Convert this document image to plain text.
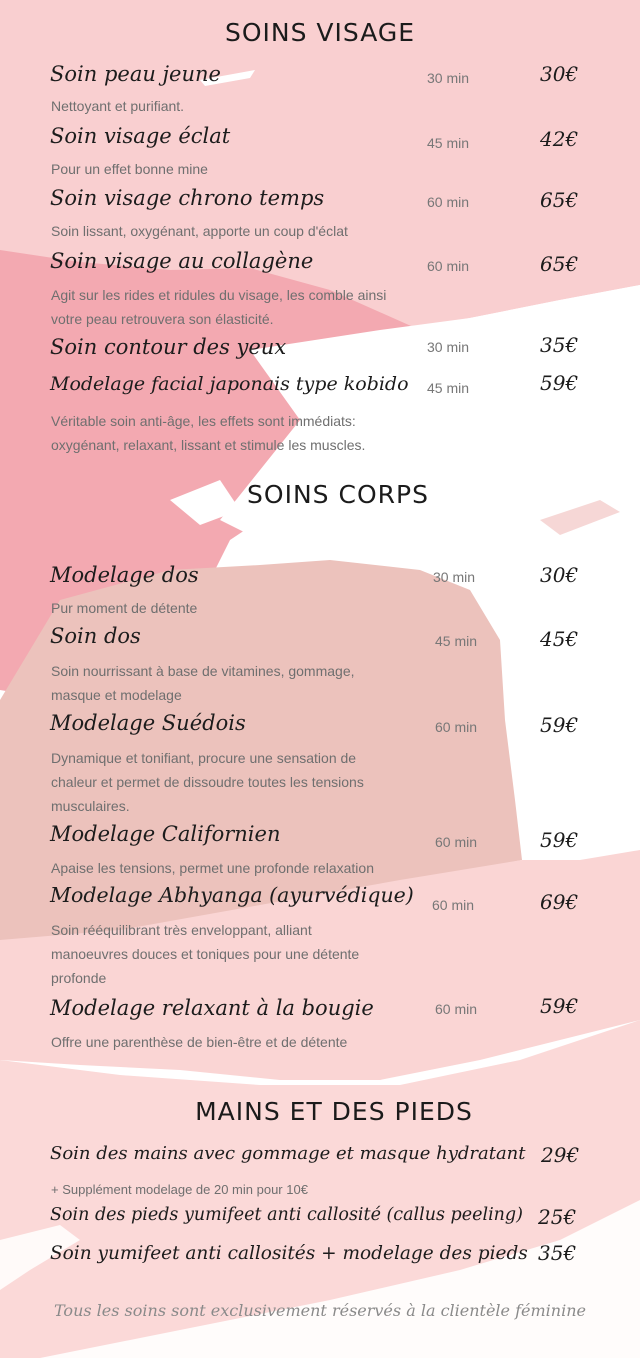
SOINS VISAGE
Soin peau jeune	30 min	30€
Nettoyant et purifiant.
Soin visage éclat	45 min	42€
Pour un effet bonne mine
Soin visage chrono temps	60 min	65€
Soin lissant, oxygénant, apporte un coup d'éclat
Soin visage au collagène	60 min	65€
Agit sur les rides et ridules du visage, les comble ainsi
votre peau retrouvera son élasticité.
Soin contour des yeux	30 min	35€
Modelage facial japonais type kobido 45 min	59€
Véritable soin anti-âge, les effets sont immédiats:
oxygénant, relaxant, lissant et stimule les muscles.
SOINS CORPS
Modelage dos	30 min	30€
Pur moment de détente
Soin dos	45 min	45€
Soin nourrissant à base de vitamines, gommage,
masque et modelage
Modelage Suédois	60 min	59€
Dynamique et tonifiant, procure une sensation de
chaleur et permet de dissoudre toutes les tensions
musculaires.
Modelage Californien	60 min	59€
Apaise les tensions, permet une profonde relaxation
Modelage Abhyanga (ayurvédique) 60 min	69€
Soin rééquilibrant très enveloppant, alliant
manoeuvres douces et toniques pour une détente
profonde
Modelage relaxant à la bougie	60 min	59€
Offre une parenthèse de bien-être et de détente
MAINS ET DES PIEDS
Soin des mains avec gommage et masque hydratant 29€
+ Supplément modelage de 20 min pour 10€
Soin des pieds yumifeet anti callosité (callus peeling) 25€
Soin yumifeet anti callosités + modelage des pieds 35€
Tous les soins sont exclusivement réservés à la clientèle féminine
